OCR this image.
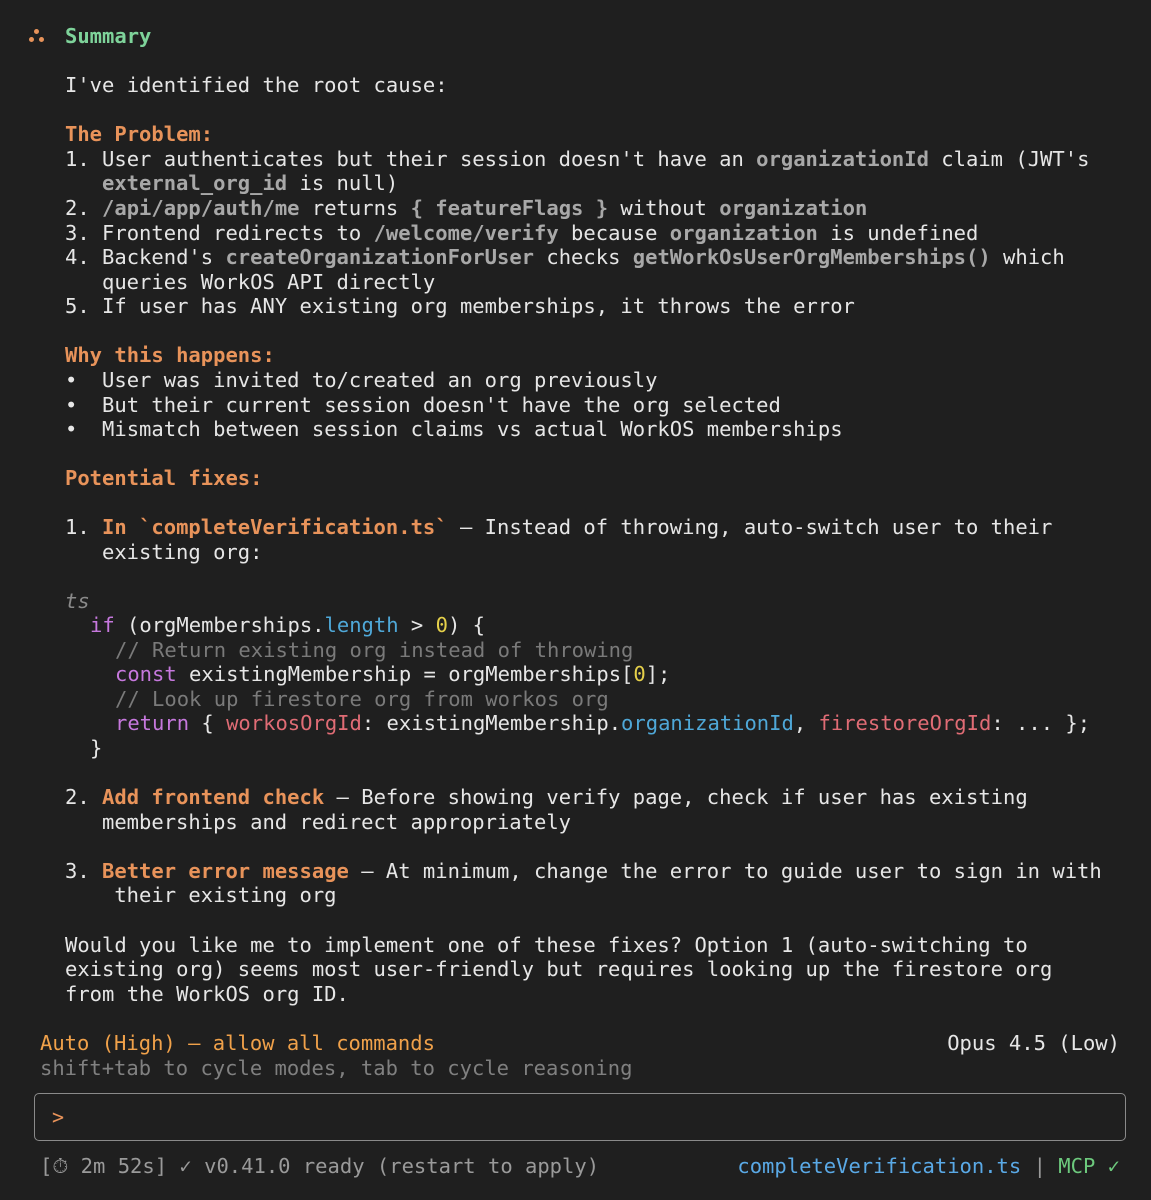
Summary
I've identified the root cause:
The Problem:
1. User authenticates but their session doesn't have an organizationId claim (JWT's
external_org_id is null)
2. /api/app/auth/me returns { featureFlags } without organization
3. Frontend redirects to /welcome/verify because organization is undefined
4. Backend's createOrganizationForUser checks getWorkOsUserOrgMemberships() which
queries WorkOS API directly
5. If user has ANY existing org memberships, it throws the error
Why this happens:
• User was invited to/created an org previously
• But their current session doesn't have the org selected
• Mismatch between session claims vs actual WorkOS memberships
Potential fixes:
1. In `completeVerification.ts` – Instead of throwing, auto-switch user to their
existing org:
ts
if (orgMemberships.length > 0) {
// Return existing org instead of throwing
const existingMembership = orgMemberships[0];
// Look up firestore org from workos org
return { workosOrgId: existingMembership.organizationId, firestoreOrgId: ... };
}
2. Add frontend check – Before showing verify page, check if user has existing
memberships and redirect appropriately
3. Better error message – At minimum, change the error to guide user to sign in with
their existing org
Would you like me to implement one of these fixes? Option 1 (auto-switching to
existing org) seems most user-friendly but requires looking up the firestore org
from the WorkOS org ID.
Auto (High) – allow all commands
shift+tab to cycle modes, tab to cycle reasoning
Opus 4.5 (Low)
>
[⏱ 2m 52s] ✓ v0.41.0 ready (restart to apply)	completeVerification.ts | MCP ✓
